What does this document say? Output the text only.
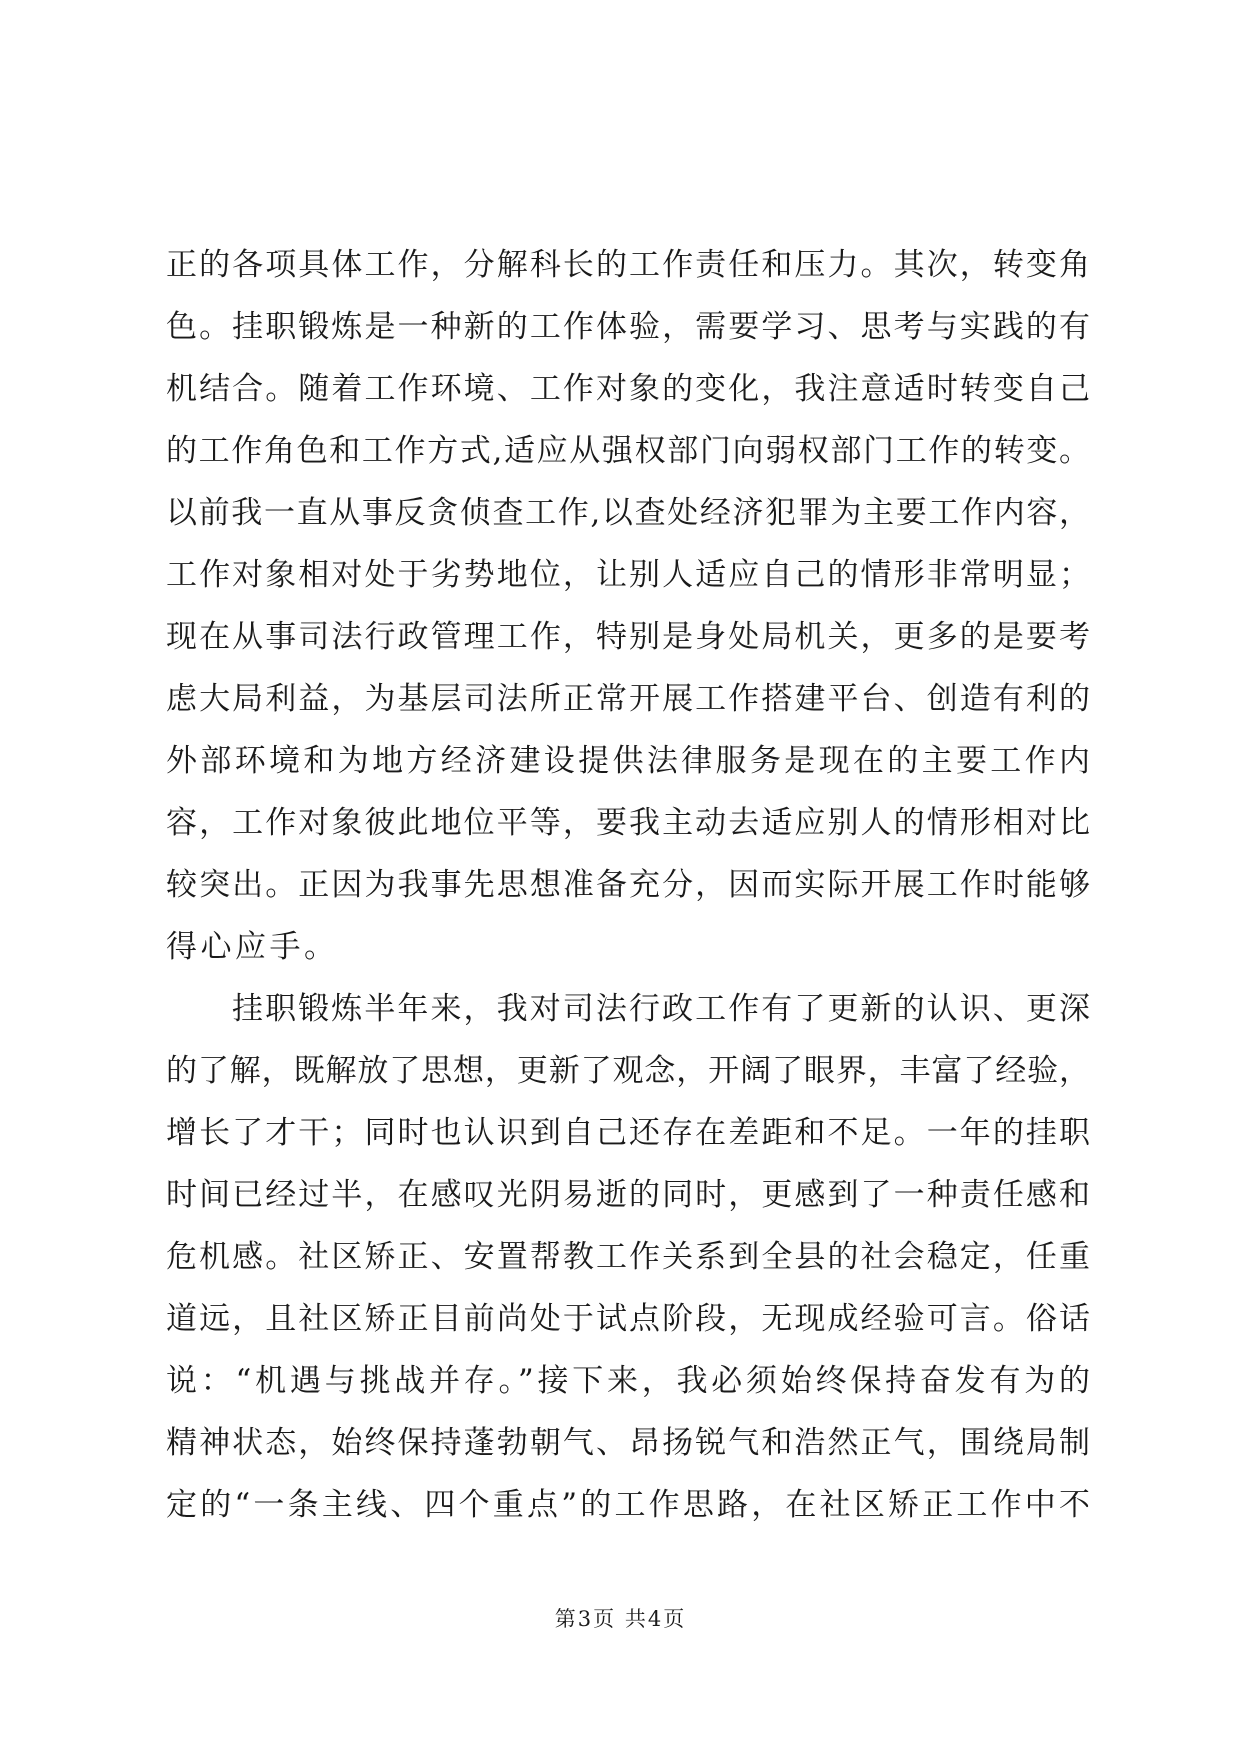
正的各项具体工作，分解科长的工作责任和压力。其次，转变角
色。挂职锻炼是一种新的工作体验，需要学习、思考与实践的有
机结合。随着工作环境、工作对象的变化，我注意适时转变自己
的工作角色和工作方式,适应从强权部门向弱权部门工作的转变。
以前我一直从事反贪侦查工作,以查处经济犯罪为主要工作内容，
工作对象相对处于劣势地位，让别人适应自己的情形非常明显；
现在从事司法行政管理工作，特别是身处局机关，更多的是要考
虑大局利益，为基层司法所正常开展工作搭建平台、创造有利的
外部环境和为地方经济建设提供法律服务是现在的主要工作内
容，工作对象彼此地位平等，要我主动去适应别人的情形相对比
较突出。正因为我事先思想准备充分，因而实际开展工作时能够
得心应手。
挂职锻炼半年来，我对司法行政工作有了更新的认识、更深
的了解，既解放了思想，更新了观念，开阔了眼界，丰富了经验，
增长了才干；同时也认识到自己还存在差距和不足。一年的挂职
时间已经过半，在感叹光阴易逝的同时，更感到了一种责任感和
危机感。社区矫正、安置帮教工作关系到全县的社会稳定，任重
道远，且社区矫正目前尚处于试点阶段，无现成经验可言。俗话
说：“机遇与挑战并存。”接下来，我必须始终保持奋发有为的
精神状态，始终保持蓬勃朝气、昂扬锐气和浩然正气，围绕局制
定的“一条主线、四个重点”的工作思路，在社区矫正工作中不
第3页 共4页
